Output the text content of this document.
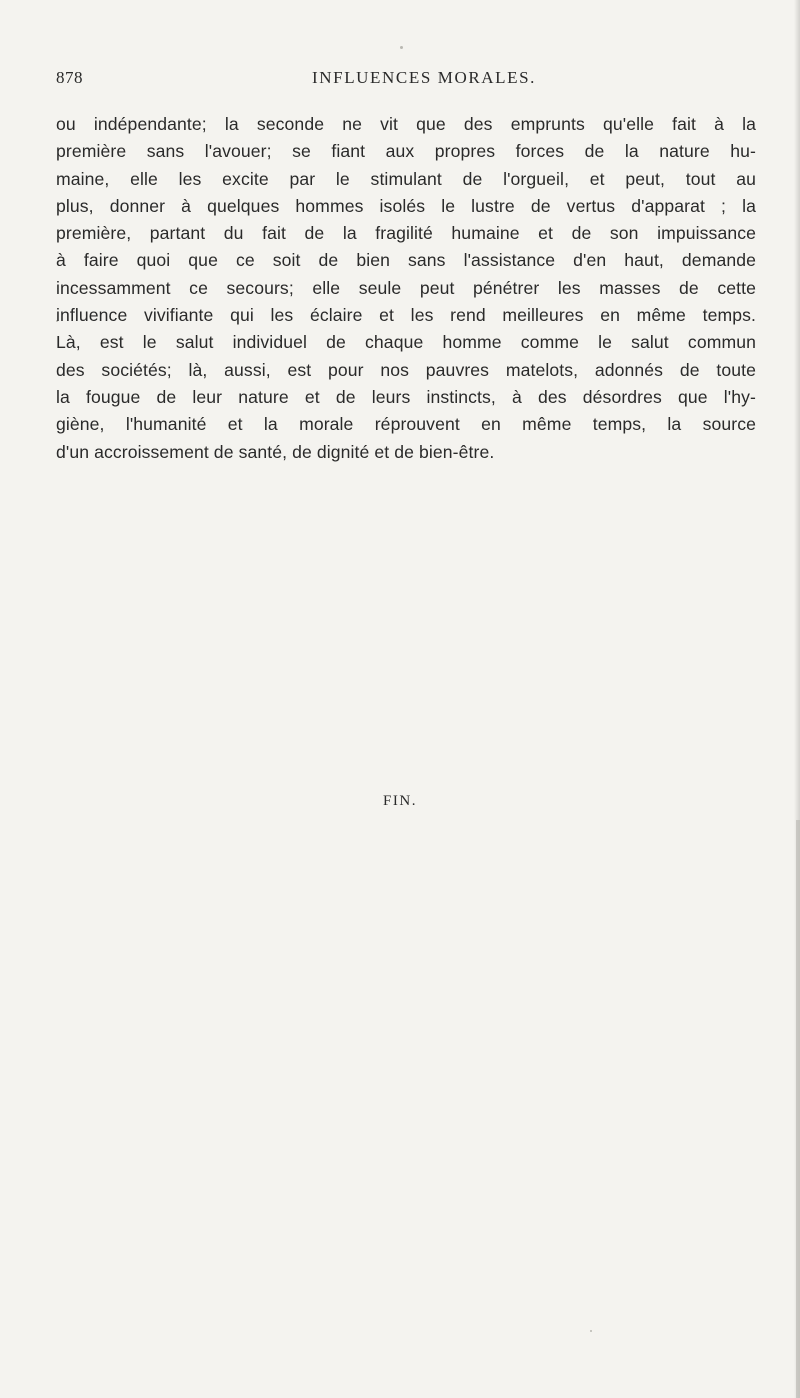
878	INFLUENCES MORALES.
ou indépendante; la seconde ne vit que des emprunts qu'elle fait à la
première sans l'avouer; se fiant aux propres forces de la nature hu-
maine, elle les excite par le stimulant de l'orgueil, et peut, tout au
plus, donner à quelques hommes isolés le lustre de vertus d'apparat ; la
première, partant du fait de la fragilité humaine et de son impuissance
à faire quoi que ce soit de bien sans l'assistance d'en haut, demande
incessamment ce secours; elle seule peut pénétrer les masses de cette
influence vivifiante qui les éclaire et les rend meilleures en même temps.
Là, est le salut individuel de chaque homme comme le salut commun
des sociétés; là, aussi, est pour nos pauvres matelots, adonnés de toute
la fougue de leur nature et de leurs instincts, à des désordres que l'hy-
giène, l'humanité et la morale réprouvent en même temps, la source
d'un accroissement de santé, de dignité et de bien-être.
FIN.
